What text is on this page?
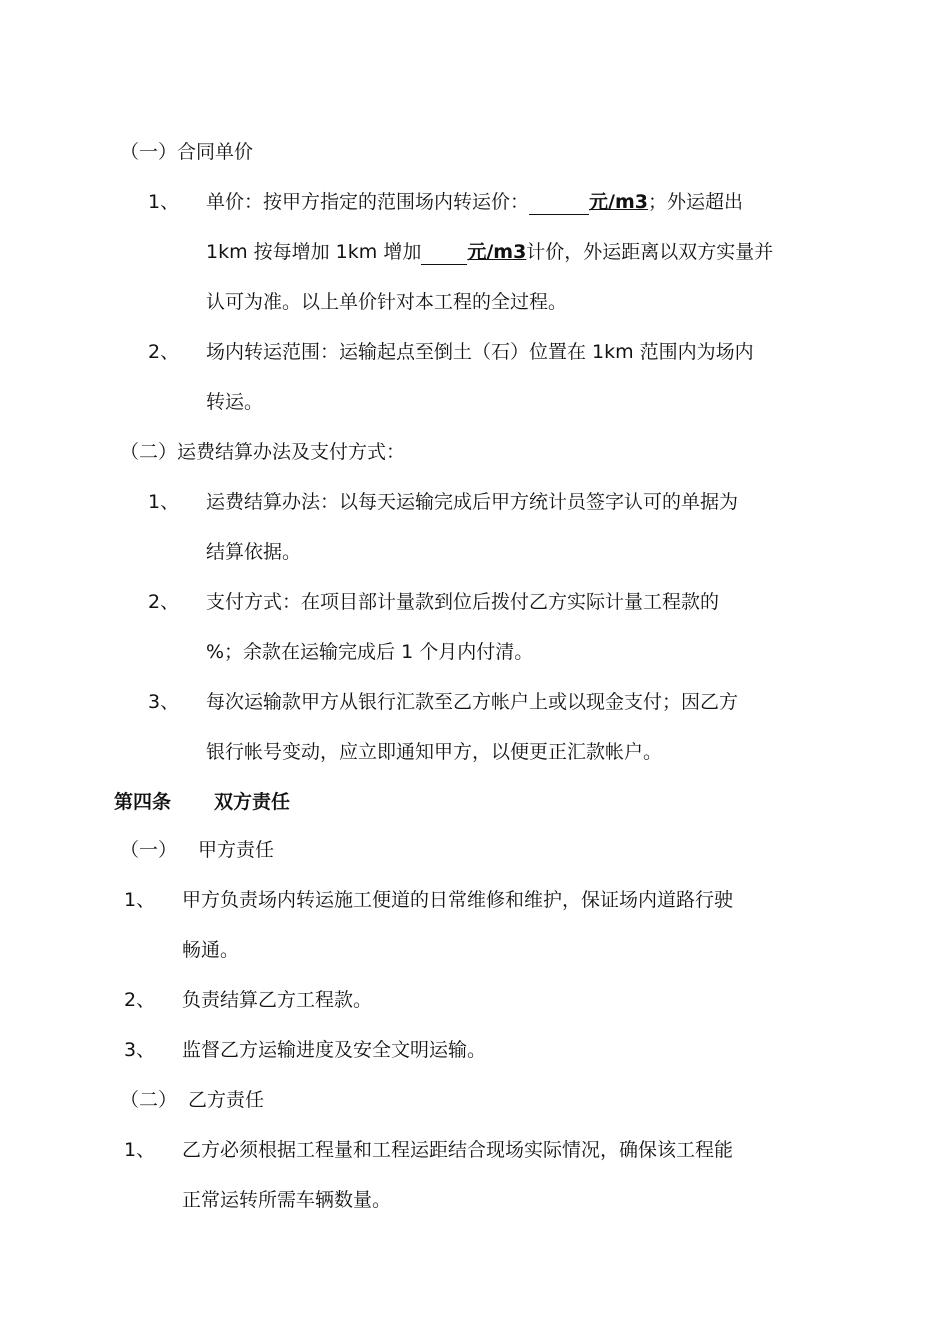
（一）合同单价
1、 单价：按甲方指定的范围场内转运价：	元/m3；外运超出
1km 按每增加 1km 增加 元/m3计价，外运距离以双方实量并
认可为准。以上单价针对本工程的全过程。
2、 场内转运范围：运输起点至倒土（石）位置在 1km 范围内为场内
转运。
（二）运费结算办法及支付方式：
1、 运费结算办法：以每天运输完成后甲方统计员签字认可的单据为
结算依据。
2、 支付方式：在项目部计量款到位后拨付乙方实际计量工程款的
%；余款在运输完成后 1 个月内付清。
3、 每次运输款甲方从银行汇款至乙方帐户上或以现金支付；因乙方
银行帐号变动，应立即通知甲方，以便更正汇款帐户。
第四条 双方责任
（一） 甲方责任
1、 甲方负责场内转运施工便道的日常维修和维护，保证场内道路行驶
畅通。
2、 负责结算乙方工程款。
3、 监督乙方运输进度及安全文明运输。
（二） 乙方责任
1、 乙方必须根据工程量和工程运距结合现场实际情况，确保该工程能
正常运转所需车辆数量。
